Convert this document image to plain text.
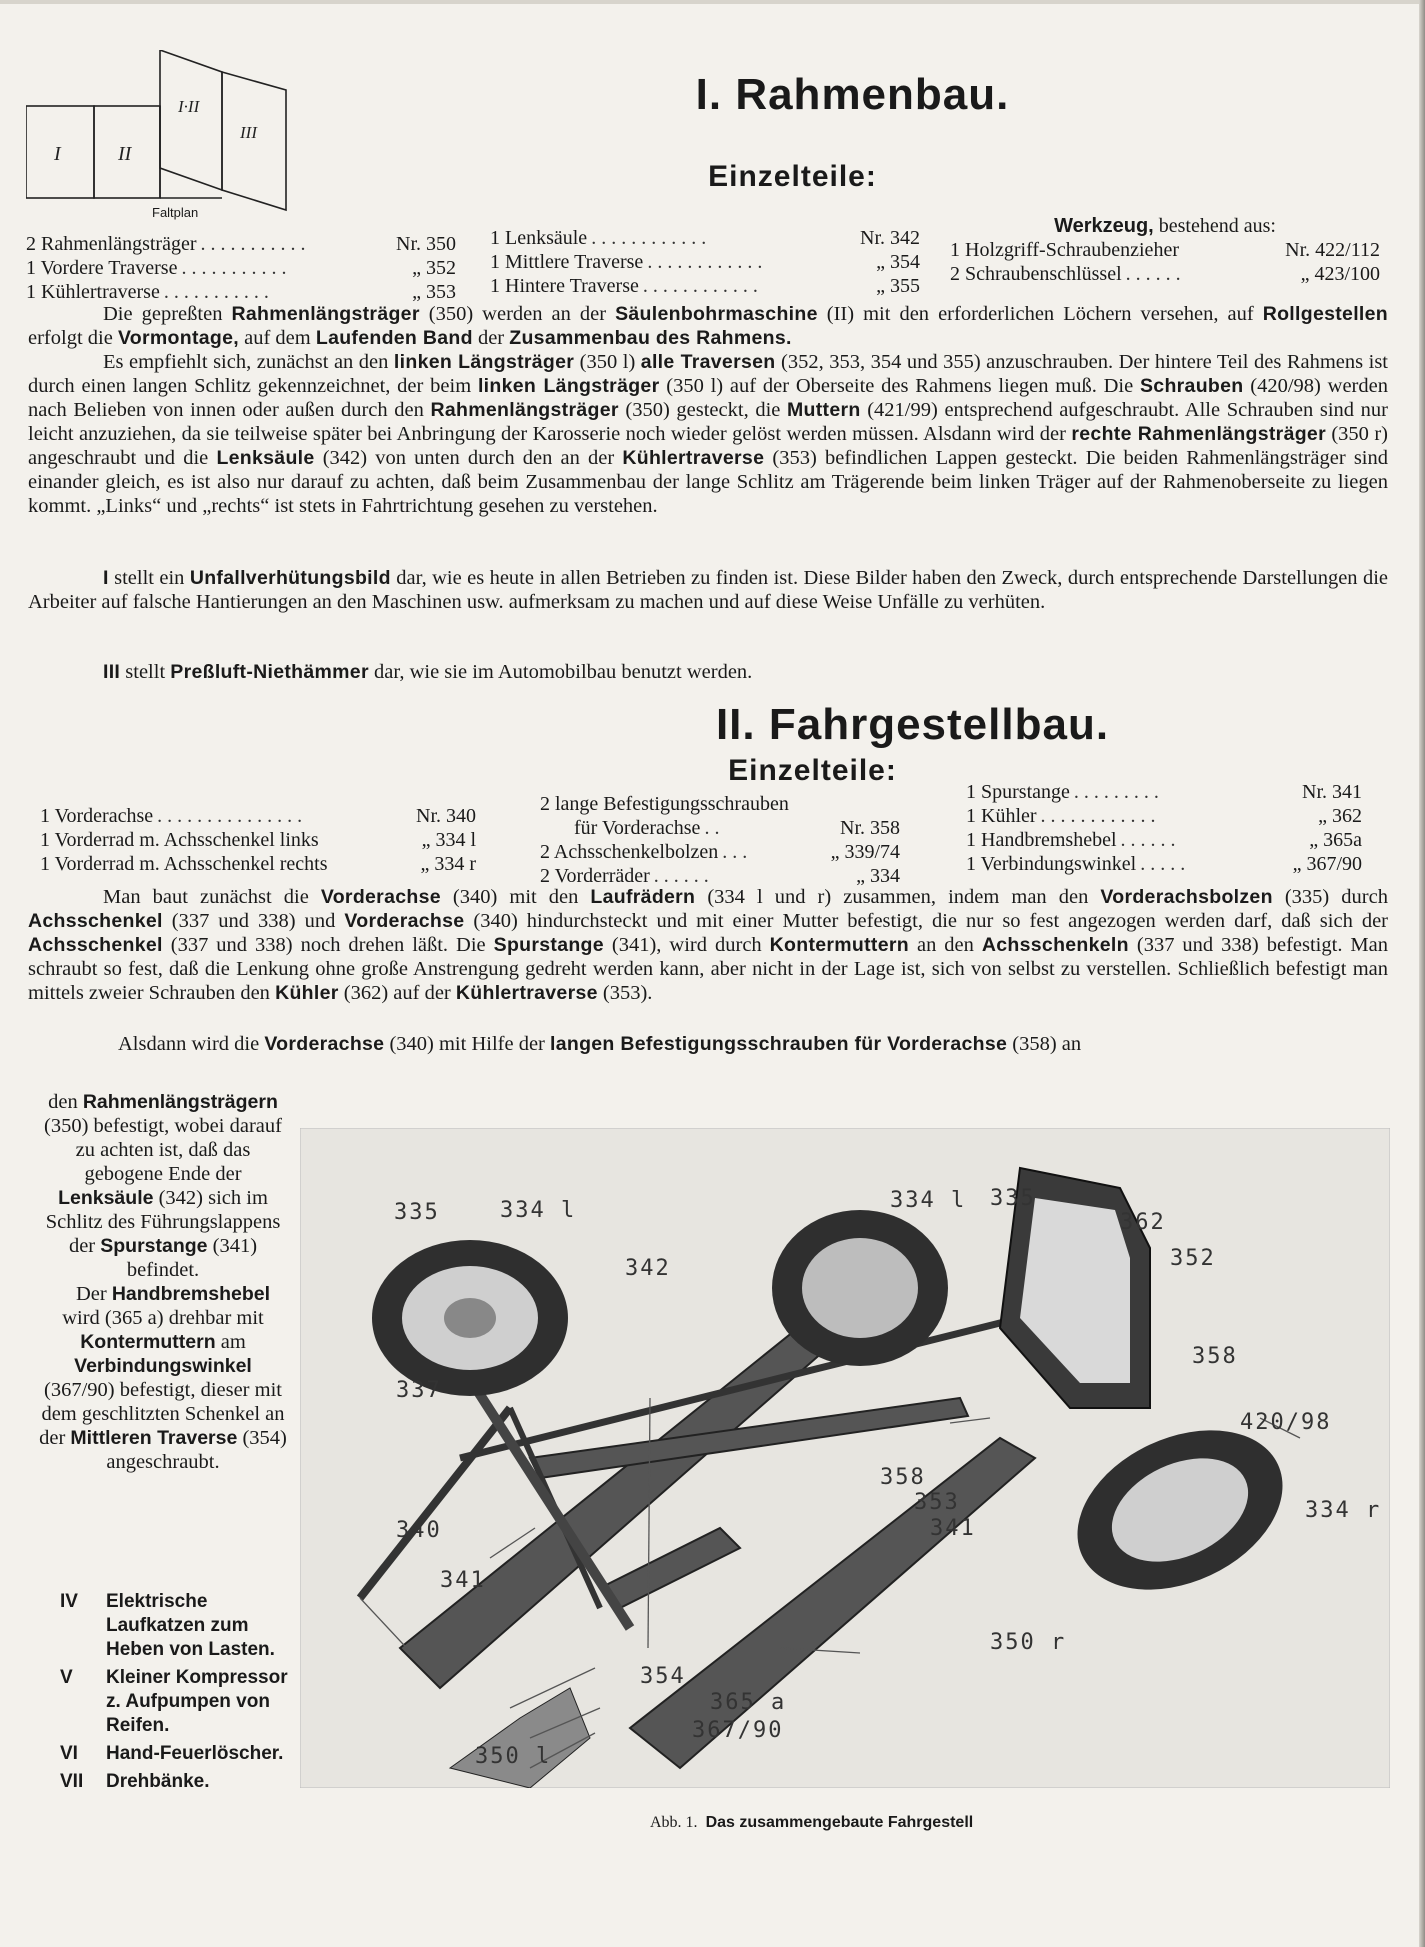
I	II
I·II
III
Faltplan
I. Rahmenbau.
Einzelteile:
2 Rahmenlängsträger . . . . . . . . . . .	Nr. 350
1 Vordere Traverse . . . . . . . . . . .	„ 352
1 Kühlertraverse . . . . . . . . . . .	„ 353
1 Lenksäule . . . . . . . . . . . .	Nr. 342
1 Mittlere Traverse . . . . . . . . . . . .	„ 354
1 Hintere Traverse . . . . . . . . . . . .	„ 355
Werkzeug, bestehend aus:
1 Holzgriff-Schraubenzieher	Nr. 422/112
2 Schraubenschlüssel . . . . . .	„ 423/100

Die gepreßten Rahmenlängsträger (350) werden an der Säulenbohrmaschine (II) mit den erforderlichen Löchern versehen, auf Rollgestellen erfolgt die Vormontage, auf dem Laufenden Band der Zusammenbau des Rahmens.

Es empfiehlt sich, zunächst an den linken Längsträger (350 l) alle Traversen (352, 353, 354 und 355) anzuschrauben. Der hintere Teil des Rahmens ist durch einen langen Schlitz gekennzeichnet, der beim linken Längsträger (350 l) auf der Oberseite des Rahmens liegen muß. Die Schrauben (420/98) werden nach Belieben von innen oder außen durch den Rahmenlängsträger (350) gesteckt, die Muttern (421/99) entsprechend aufgeschraubt. Alle Schrauben sind nur leicht anzuziehen, da sie teilweise später bei Anbringung der Karosserie noch wieder gelöst werden müssen. Alsdann wird der rechte Rahmenlängsträger (350 r) angeschraubt und die Lenksäule (342) von unten durch den an der Kühlertraverse (353) befindlichen Lappen gesteckt. Die beiden Rahmenlängsträger sind einander gleich, es ist also nur darauf zu achten, daß beim Zusammenbau der lange Schlitz am Trägerende beim linken Träger auf der Rahmenoberseite zu liegen kommt. „Links“ und „rechts“ ist stets in Fahrtrichtung gesehen zu verstehen.

I stellt ein Unfallverhütungsbild dar, wie es heute in allen Betrieben zu finden ist. Diese Bilder haben den Zweck, durch entsprechende Darstellungen die Arbeiter auf falsche Hantierungen an den Maschinen usw. aufmerksam zu machen und auf diese Weise Unfälle zu verhüten.

III stellt Preßluft-Niethämmer dar, wie sie im Automobilbau benutzt werden.

II. Fahrgestellbau.
Einzelteile:
1 Vorderachse . . . . . . . . . . . . . . .	Nr. 340
1 Vorderrad m. Achsschenkel links	„ 334 l
1 Vorderrad m. Achsschenkel rechts	„ 334 r
2 lange Befestigungsschrauben
für Vorderachse . .	Nr. 358
2 Achsschenkelbolzen . . .	„ 339/74
2 Vorderräder . . . . . .	„ 334
1 Spurstange . . . . . . . . .	Nr. 341
1 Kühler . . . . . . . . . . . .	„ 362
1 Handbremshebel . . . . . .	„ 365a
1 Verbindungswinkel . . . . .	„ 367/90

Man baut zunächst die Vorderachse (340) mit den Laufrädern (334 l und r) zusammen, indem man den Vorderachsbolzen (335) durch Achsschenkel (337 und 338) und Vorderachse (340) hindurchsteckt und mit einer Mutter befestigt, die nur so fest angezogen werden darf, daß sich der Achsschenkel (337 und 338) noch drehen läßt. Die Spurstange (341), wird durch Kontermuttern an den Achsschenkeln (337 und 338) befestigt. Man schraubt so fest, daß die Lenkung ohne große Anstrengung gedreht werden kann, aber nicht in der Lage ist, sich von selbst zu verstellen. Schließlich befestigt man mittels zweier Schrauben den Kühler (362) auf der Kühlertraverse (353).

Alsdann wird die Vorderachse (340) mit Hilfe der langen Befestigungsschrauben für Vorderachse (358) an

den Rahmenlängsträgern (350) befestigt, wobei darauf zu achten ist, daß das gebogene Ende der Lenksäule (342) sich im Schlitz des Führungslappens der Spurstange (341) befindet.

Der Handbremshebel wird (365 a) drehbar mit Kontermuttern am Verbindungswinkel (367/90) befestigt, dieser mit dem geschlitzten Schenkel an der Mittleren Traverse (354) angeschraubt.

IV	Elektrische Laufkatzen zum Heben von Lasten.
V	Kleiner Kompressor z. Aufpumpen von Reifen.
VI	Hand-Feuerlöscher.
VII	Drehbänke.
335	334 l
342
337
340
341
334 l 335
362
352
358
420/98
358
353
341
334 r
350 r
354
365 a
367/90
350 l
Abb. 1. Das zusammengebaute Fahrgestell
